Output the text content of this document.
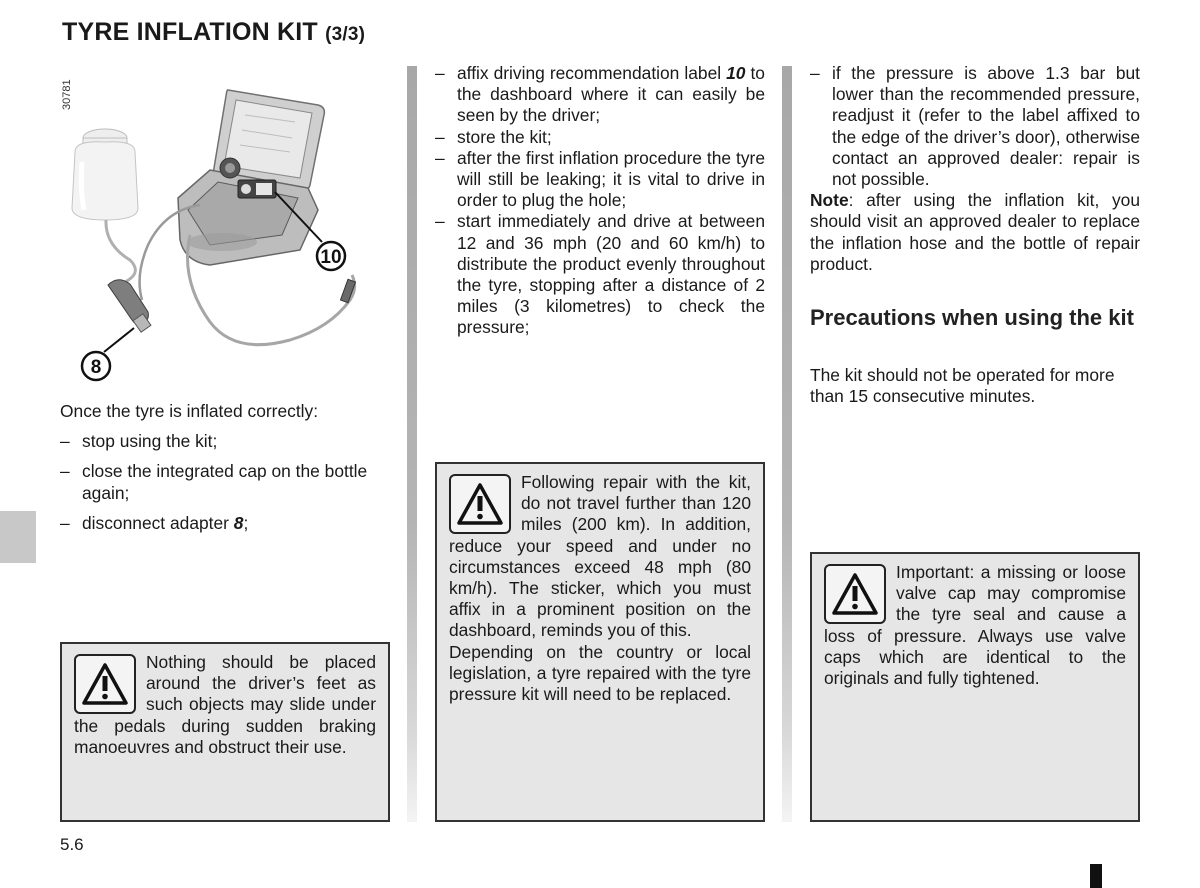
TYRE INFLATION KIT (3/3)
30781
10
8

Once the tyre is inflated correctly:

– stop using the kit;
– close the integrated cap on the bottle again;
– disconnect adapter 8;
Nothing should be placed around the driver’s feet as such objects may slide under the pedals during sudden braking manoeuvres and obstruct their use.
– affix driving recommendation label 10 to the dashboard where it can easily be seen by the driver;
– store the kit;
– after the first inflation procedure the tyre will still be leaking; it is vital to drive in order to plug the hole;
– start immediately and drive at between 12 and 36 mph (20 and 60 km/h) to distribute the product evenly throughout the tyre, stopping after a distance of 2 miles (3 kilometres) to check the pressure;
Following repair with the kit, do not travel further than 120 miles (200 km). In addition, reduce your speed and under no circumstances exceed 48 mph (80 km/h). The sticker, which you must affix in a prominent position on the dashboard, reminds you of this.
Depending on the country or local legislation, a tyre repaired with the tyre pressure kit will need to be replaced.
– if the pressure is above 1.3 bar but lower than the recommended pressure, readjust it (refer to the label affixed to the edge of the driver’s door), otherwise contact an approved dealer: repair is not possible.

Note: after using the inflation kit, you should visit an approved dealer to replace the inflation hose and the bottle of repair product.

Precautions when using the kit
The kit should not be operated for more than 15 consecutive minutes.
Important: a missing or loose valve cap may compromise the tyre seal and cause a loss of pressure. Always use valve caps which are identical to the originals and fully tightened.
5.6
